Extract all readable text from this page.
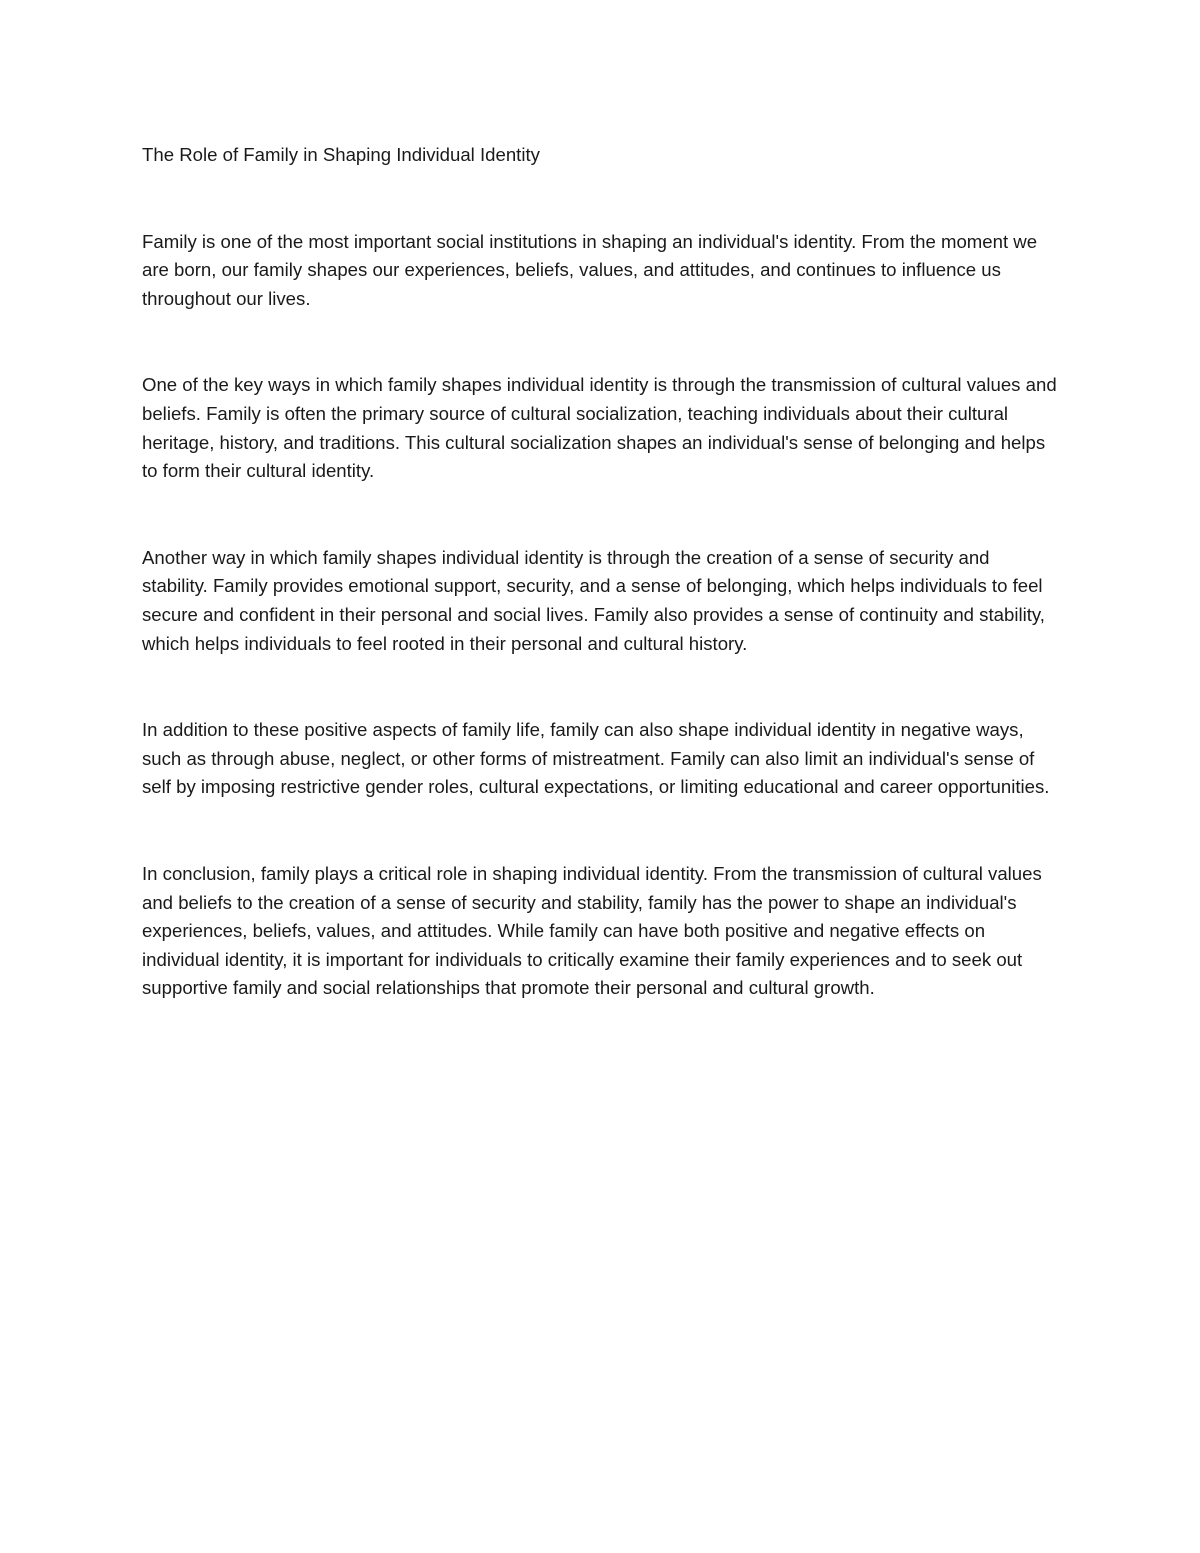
The Role of Family in Shaping Individual Identity

Family is one of the most important social institutions in shaping an individual's identity. From the moment we are born, our family shapes our experiences, beliefs, values, and attitudes, and continues to influence us throughout our lives.

One of the key ways in which family shapes individual identity is through the transmission of cultural values and beliefs. Family is often the primary source of cultural socialization, teaching individuals about their cultural heritage, history, and traditions. This cultural socialization shapes an individual's sense of belonging and helps to form their cultural identity.

Another way in which family shapes individual identity is through the creation of a sense of security and stability. Family provides emotional support, security, and a sense of belonging, which helps individuals to feel secure and confident in their personal and social lives. Family also provides a sense of continuity and stability, which helps individuals to feel rooted in their personal and cultural history.

In addition to these positive aspects of family life, family can also shape individual identity in negative ways, such as through abuse, neglect, or other forms of mistreatment. Family can also limit an individual's sense of self by imposing restrictive gender roles, cultural expectations, or limiting educational and career opportunities.

In conclusion, family plays a critical role in shaping individual identity. From the transmission of cultural values and beliefs to the creation of a sense of security and stability, family has the power to shape an individual's experiences, beliefs, values, and attitudes. While family can have both positive and negative effects on individual identity, it is important for individuals to critically examine their family experiences and to seek out supportive family and social relationships that promote their personal and cultural growth.
